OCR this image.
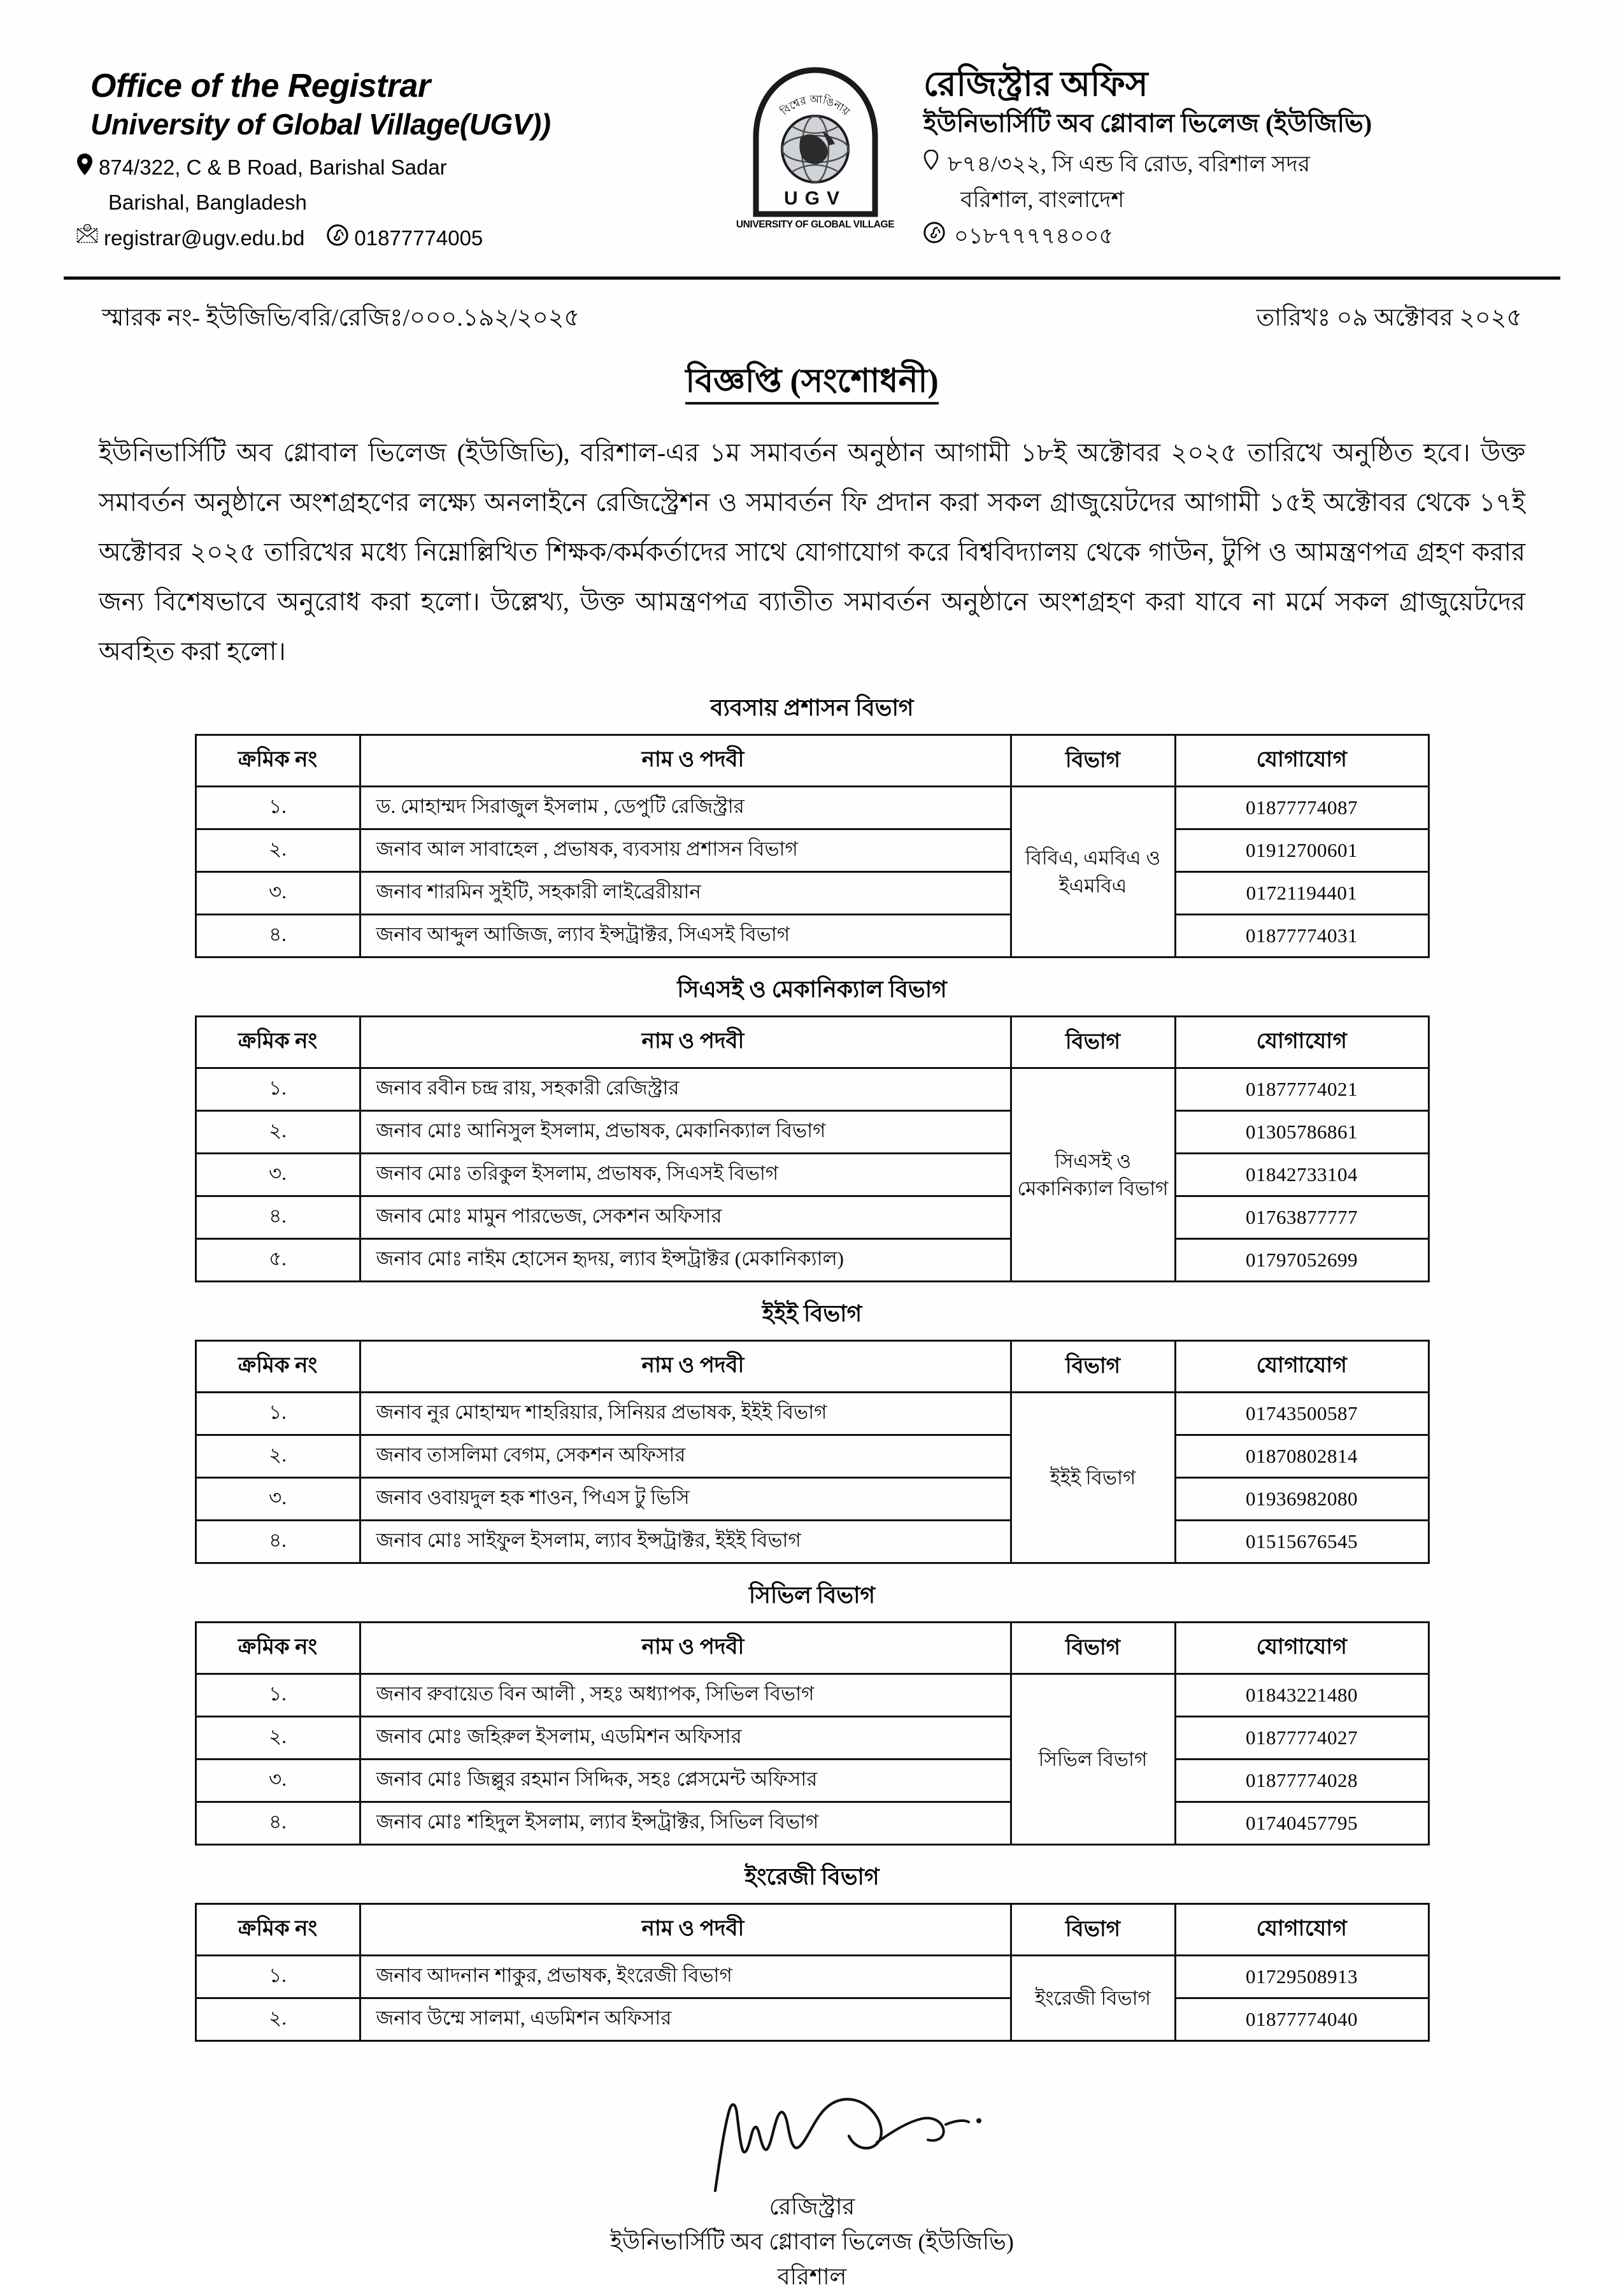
Office of the Registrar
University of Global Village(UGV))
874/322, C & B Road, Barishal Sadar
Barishal, Bangladesh
@ registrar@ugv.edu.bd 01877774005
বিশ্বের আঙিনায়
UGV
UNIVERSITY OF GLOBAL VILLAGE
রেজিস্ট্রার অফিস
ইউনিভার্সিটি অব গ্লোবাল ভিলেজ (ইউজিভি)
৮৭৪/৩২২, সি এন্ড বি রোড, বরিশাল সদর
বরিশাল, বাংলাদেশ
০১৮৭৭৭৭৪০০৫
স্মারক নং- ইউজিভি/বরি/রেজিঃ/০০০.১৯২/২০২৫	তারিখঃ ০৯ অক্টোবর ২০২৫
বিজ্ঞপ্তি (সংশোধনী)
ইউনিভার্সিটি অব গ্লোবাল ভিলেজ (ইউজিভি), বরিশাল-এর ১ম সমাবর্তন অনুষ্ঠান আগামী ১৮ই অক্টোবর ২০২৫ তারিখে অনুষ্ঠিত হবে। উক্ত সমাবর্তন অনুষ্ঠানে অংশগ্রহণের লক্ষ্যে অনলাইনে রেজিস্ট্রেশন ও সমাবর্তন ফি প্রদান করা সকল গ্রাজুয়েটদের আগামী ১৫ই অক্টোবর থেকে ১৭ই অক্টোবর ২০২৫ তারিখের মধ্যে নিম্নোল্লিখিত শিক্ষক/কর্মকর্তাদের সাথে যোগাযোগ করে বিশ্ববিদ্যালয় থেকে গাউন, টুপি ও আমন্ত্রণপত্র গ্রহণ করার জন্য বিশেষভাবে অনুরোধ করা হলো। উল্লেখ্য, উক্ত আমন্ত্রণপত্র ব্যাতীত সমাবর্তন অনুষ্ঠানে অংশগ্রহণ করা যাবে না মর্মে সকল গ্রাজুয়েটদের অবহিত করা হলো।
ব্যবসায় প্রশাসন বিভাগ
ক্রমিক নং	নাম ও পদবী	বিভাগ	যোগাযোগ
১.	ড. মোহাম্মদ সিরাজুল ইসলাম , ডেপুটি রেজিস্ট্রার	বিবিএ, এমবিএ ও ইএমবিএ	01877774087
২.	জনাব আল সাবাহেল , প্রভাষক, ব্যবসায় প্রশাসন বিভাগ		01912700601
৩.	জনাব শারমিন সুইটি, সহকারী লাইব্রেরীয়ান		01721194401
৪.	জনাব আব্দুল আজিজ, ল্যাব ইন্সট্রাক্টর, সিএসই বিভাগ		01877774031
সিএসই ও মেকানিক্যাল বিভাগ
ক্রমিক নং	নাম ও পদবী	বিভাগ	যোগাযোগ
১.	জনাব রবীন চন্দ্র রায়, সহকারী রেজিস্ট্রার	সিএসই ও মেকানিক্যাল বিভাগ	01877774021
২.	জনাব মোঃ আনিসুল ইসলাম, প্রভাষক, মেকানিক্যাল বিভাগ		01305786861
৩.	জনাব মোঃ তরিকুল ইসলাম, প্রভাষক, সিএসই বিভাগ		01842733104
৪.	জনাব মোঃ মামুন পারভেজ, সেকশন অফিসার		01763877777
৫.	জনাব মোঃ নাইম হোসেন হৃদয়, ল্যাব ইন্সট্রাক্টর (মেকানিক্যাল)		01797052699
ইইই বিভাগ
ক্রমিক নং	নাম ও পদবী	বিভাগ	যোগাযোগ
১.	জনাব নুর মোহাম্মদ শাহরিয়ার, সিনিয়র প্রভাষক, ইইই বিভাগ	ইইই বিভাগ	01743500587
২.	জনাব তাসলিমা বেগম, সেকশন অফিসার		01870802814
৩.	জনাব ওবায়দুল হক শাওন, পিএস টু ভিসি		01936982080
৪.	জনাব মোঃ সাইফুল ইসলাম, ল্যাব ইন্সট্রাক্টর, ইইই বিভাগ		01515676545
সিভিল বিভাগ
ক্রমিক নং	নাম ও পদবী	বিভাগ	যোগাযোগ
১.	জনাব রুবায়েত বিন আলী , সহঃ অধ্যাপক, সিভিল বিভাগ	সিভিল বিভাগ	01843221480
২.	জনাব মোঃ জহিরুল ইসলাম, এডমিশন অফিসার		01877774027
৩.	জনাব মোঃ জিল্লুর রহমান সিদ্দিক, সহঃ প্লেসমেন্ট অফিসার		01877774028
৪.	জনাব মোঃ শহিদুল ইসলাম, ল্যাব ইন্সট্রাক্টর, সিভিল বিভাগ		01740457795
ইংরেজী বিভাগ
ক্রমিক নং	নাম ও পদবী	বিভাগ	যোগাযোগ
১.	জনাব আদনান শাকুর, প্রভাষক, ইংরেজী বিভাগ	ইংরেজী বিভাগ	01729508913
২.	জনাব উম্মে সালমা, এডমিশন অফিসার		01877774040

রেজিস্ট্রার

ইউনিভার্সিটি অব গ্লোবাল ভিলেজ (ইউজিভি)

বরিশাল
